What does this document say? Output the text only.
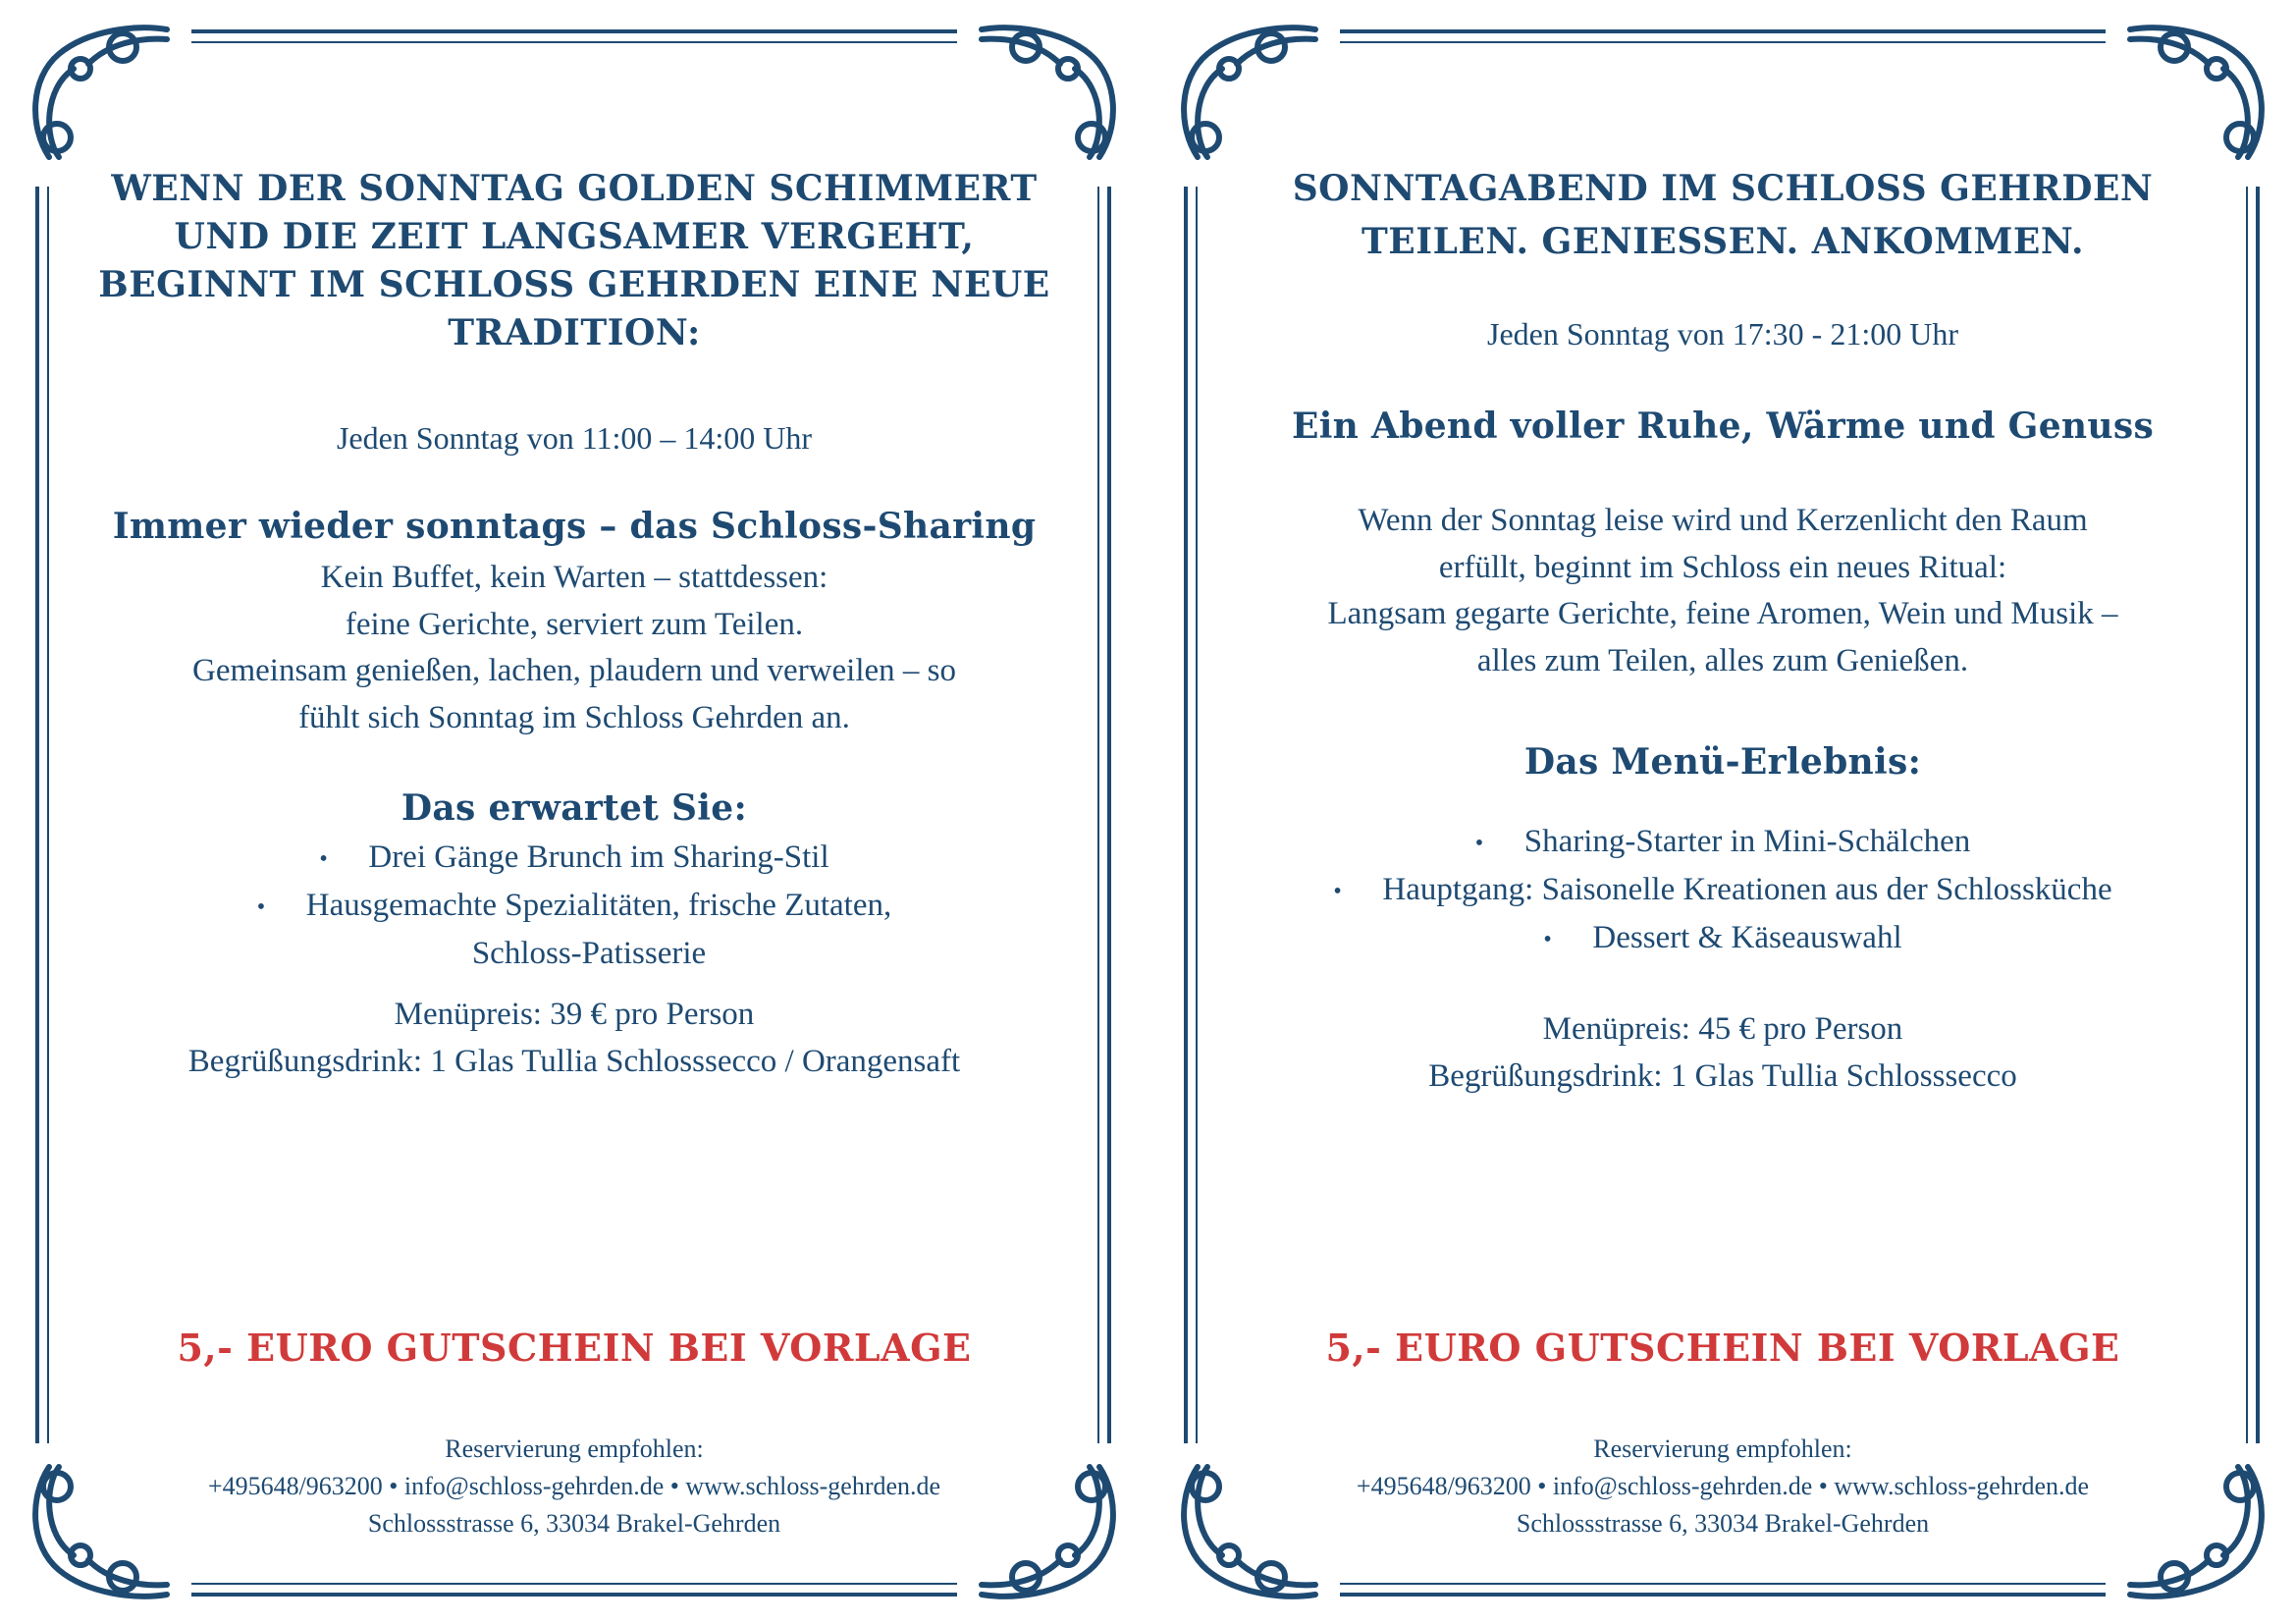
WENN DER SONNTAG GOLDEN SCHIMMERT
UND DIE ZEIT LANGSAMER VERGEHT,
BEGINNT IM SCHLOSS GEHRDEN EINE NEUE
TRADITION:
Jeden Sonntag von 11:00 – 14:00 Uhr
Immer wieder sonntags – das Schloss-Sharing
Kein Buffet, kein Warten – stattdessen:
feine Gerichte, serviert zum Teilen.
Gemeinsam genießen, lachen, plaudern und verweilen – so
fühlt sich Sonntag im Schloss Gehrden an.
Das erwartet Sie:
• Drei Gänge Brunch im Sharing-Stil
• Hausgemachte Spezialitäten, frische Zutaten,
Schloss-Patisserie
Menüpreis: 39 € pro Person
Begrüßungsdrink: 1 Glas Tullia Schlosssecco / Orangensaft
5,- EURO GUTSCHEIN BEI VORLAGE
Reservierung empfohlen:
+495648/963200 • info@schloss-gehrden.de • www.schloss-gehrden.de
Schlossstrasse 6, 33034 Brakel-Gehrden
SONNTAGABEND IM SCHLOSS GEHRDEN
TEILEN. GENIESSEN. ANKOMMEN.
Jeden Sonntag von 17:30 - 21:00 Uhr
Ein Abend voller Ruhe, Wärme und Genuss
Wenn der Sonntag leise wird und Kerzenlicht den Raum
erfüllt, beginnt im Schloss ein neues Ritual:
Langsam gegarte Gerichte, feine Aromen, Wein und Musik –
alles zum Teilen, alles zum Genießen.
Das Menü-Erlebnis:
• Sharing-Starter in Mini-Schälchen
• Hauptgang: Saisonelle Kreationen aus der Schlossküche
• Dessert & Käseauswahl
Menüpreis: 45 € pro Person
Begrüßungsdrink: 1 Glas Tullia Schlosssecco
5,- EURO GUTSCHEIN BEI VORLAGE
Reservierung empfohlen:
+495648/963200 • info@schloss-gehrden.de • www.schloss-gehrden.de
Schlossstrasse 6, 33034 Brakel-Gehrden
